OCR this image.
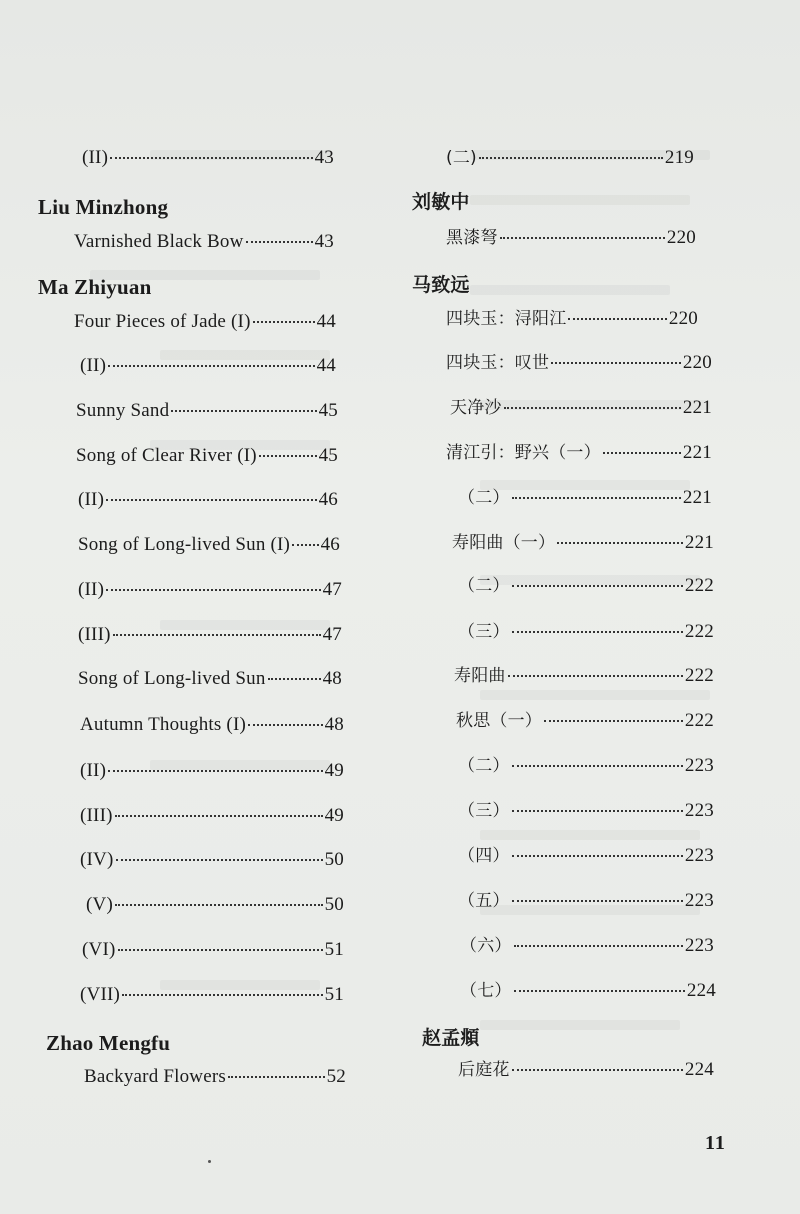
(II)	43
Liu Minzhong
Varnished Black Bow	43
Ma Zhiyuan
Four Pieces of Jade (I)	44
(II)	44
Sunny Sand	45
Song of Clear River (I)	45
(II)	46
Song of Long-lived Sun (I) 46
(II)	47
(III)	47
Song of Long-lived Sun	48
Autumn Thoughts (I)	48
(II)	49
(III)	49
(IV)	50
(V)	50
(VI)	51
(VII)	51
Zhao Mengfu
Backyard Flowers	52
(二)	219
刘敏中
黑漆弩	220
马致远
四块玉：浔阳江	220
四块玉：叹世	220
天净沙	221
清江引：野兴（一）	221
（二）	221
寿阳曲（一）	221
（二）	222
（三）	222
寿阳曲	222
秋思（一）	222
（二）	223
（三）	223
（四）	223
（五）	223
（六）	223
（七）	224
赵孟頫
后庭花	224
11
